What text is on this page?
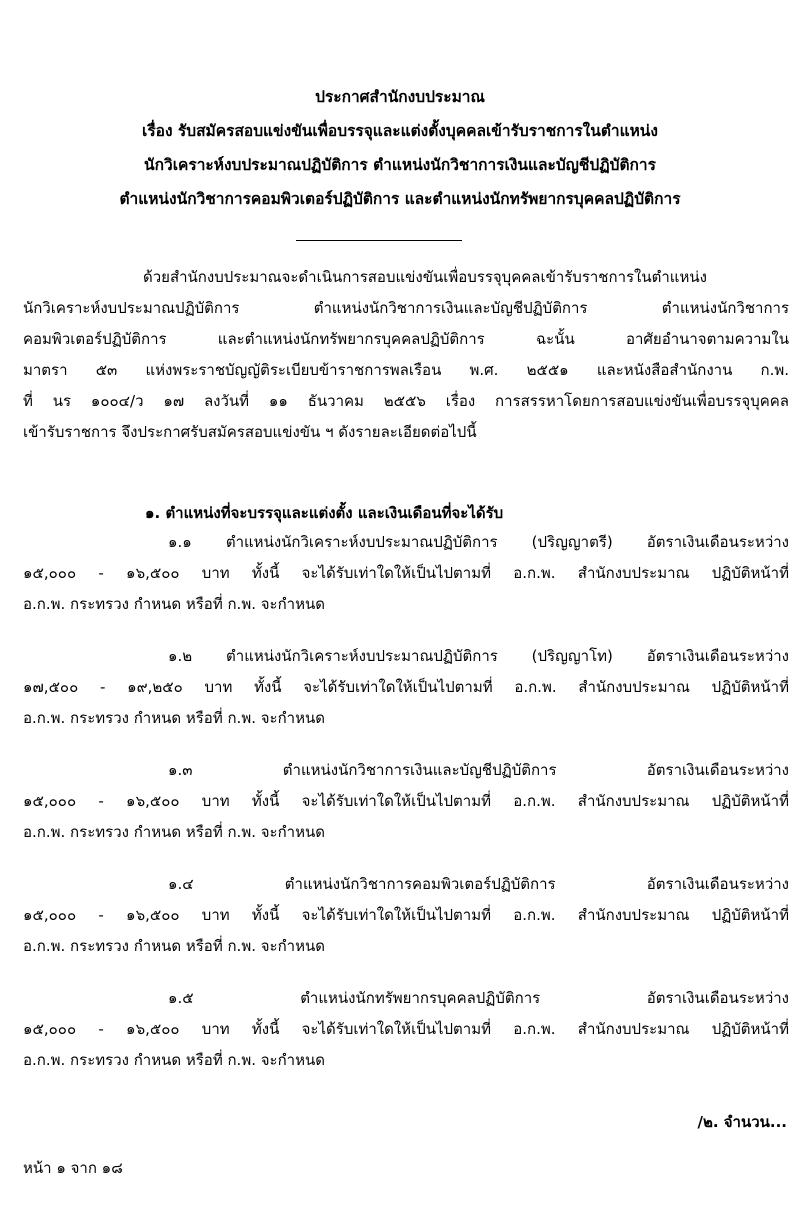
ประกาศสำนักงบประมาณ
เรื่อง รับสมัครสอบแข่งขันเพื่อบรรจุและแต่งตั้งบุคคลเข้ารับราชการในตำแหน่ง
นักวิเคราะห์งบประมาณปฏิบัติการ ตำแหน่งนักวิชาการเงินและบัญชีปฏิบัติการ
ตำแหน่งนักวิชาการคอมพิวเตอร์ปฏิบัติการ และตำแหน่งนักทรัพยากรบุคคลปฏิบัติการ
ด้วยสำนักงบประมาณจะดำเนินการสอบแข่งขันเพื่อบรรจุบุคคลเข้ารับราชการในตำแหน่ง
นักวิเคราะห์งบประมาณปฏิบัติการ ตำแหน่งนักวิชาการเงินและบัญชีปฏิบัติการ ตำแหน่งนักวิชาการ
คอมพิวเตอร์ปฏิบัติการ และตำแหน่งนักทรัพยากรบุคคลปฏิบัติการ ฉะนั้น อาศัยอำนาจตามความใน
มาตรา ๕๓ แห่งพระราชบัญญัติระเบียบข้าราชการพลเรือน พ.ศ. ๒๕๕๑ และหนังสือสำนักงาน ก.พ.
ที่ นร ๑๐๐๔/ว ๑๗ ลงวันที่ ๑๑ ธันวาคม ๒๕๕๖ เรื่อง การสรรหาโดยการสอบแข่งขันเพื่อบรรจุบุคคล
เข้ารับราชการ จึงประกาศรับสมัครสอบแข่งขัน ฯ ดังรายละเอียดต่อไปนี้
๑. ตำแหน่งที่จะบรรจุและแต่งตั้ง และเงินเดือนที่จะได้รับ
๑.๑ ตำแหน่งนักวิเคราะห์งบประมาณปฏิบัติการ (ปริญญาตรี) อัตราเงินเดือนระหว่าง
๑๕,๐๐๐ - ๑๖,๕๐๐ บาท ทั้งนี้ จะได้รับเท่าใดให้เป็นไปตามที่ อ.ก.พ. สำนักงบประมาณ ปฏิบัติหน้าที่
อ.ก.พ. กระทรวง กำหนด หรือที่ ก.พ. จะกำหนด
๑.๒ ตำแหน่งนักวิเคราะห์งบประมาณปฏิบัติการ (ปริญญาโท) อัตราเงินเดือนระหว่าง
๑๗,๕๐๐ - ๑๙,๒๕๐ บาท ทั้งนี้ จะได้รับเท่าใดให้เป็นไปตามที่ อ.ก.พ. สำนักงบประมาณ ปฏิบัติหน้าที่
อ.ก.พ. กระทรวง กำหนด หรือที่ ก.พ. จะกำหนด
๑.๓ ตำแหน่งนักวิชาการเงินและบัญชีปฏิบัติการ อัตราเงินเดือนระหว่าง
๑๕,๐๐๐ - ๑๖,๕๐๐ บาท ทั้งนี้ จะได้รับเท่าใดให้เป็นไปตามที่ อ.ก.พ. สำนักงบประมาณ ปฏิบัติหน้าที่
อ.ก.พ. กระทรวง กำหนด หรือที่ ก.พ. จะกำหนด
๑.๔ ตำแหน่งนักวิชาการคอมพิวเตอร์ปฏิบัติการ อัตราเงินเดือนระหว่าง
๑๕,๐๐๐ - ๑๖,๕๐๐ บาท ทั้งนี้ จะได้รับเท่าใดให้เป็นไปตามที่ อ.ก.พ. สำนักงบประมาณ ปฏิบัติหน้าที่
อ.ก.พ. กระทรวง กำหนด หรือที่ ก.พ. จะกำหนด
๑.๕ ตำแหน่งนักทรัพยากรบุคคลปฏิบัติการ อัตราเงินเดือนระหว่าง
๑๕,๐๐๐ - ๑๖,๕๐๐ บาท ทั้งนี้ จะได้รับเท่าใดให้เป็นไปตามที่ อ.ก.พ. สำนักงบประมาณ ปฏิบัติหน้าที่
อ.ก.พ. กระทรวง กำหนด หรือที่ ก.พ. จะกำหนด
/๒. จำนวน...
หน้า ๑ จาก ๑๘
